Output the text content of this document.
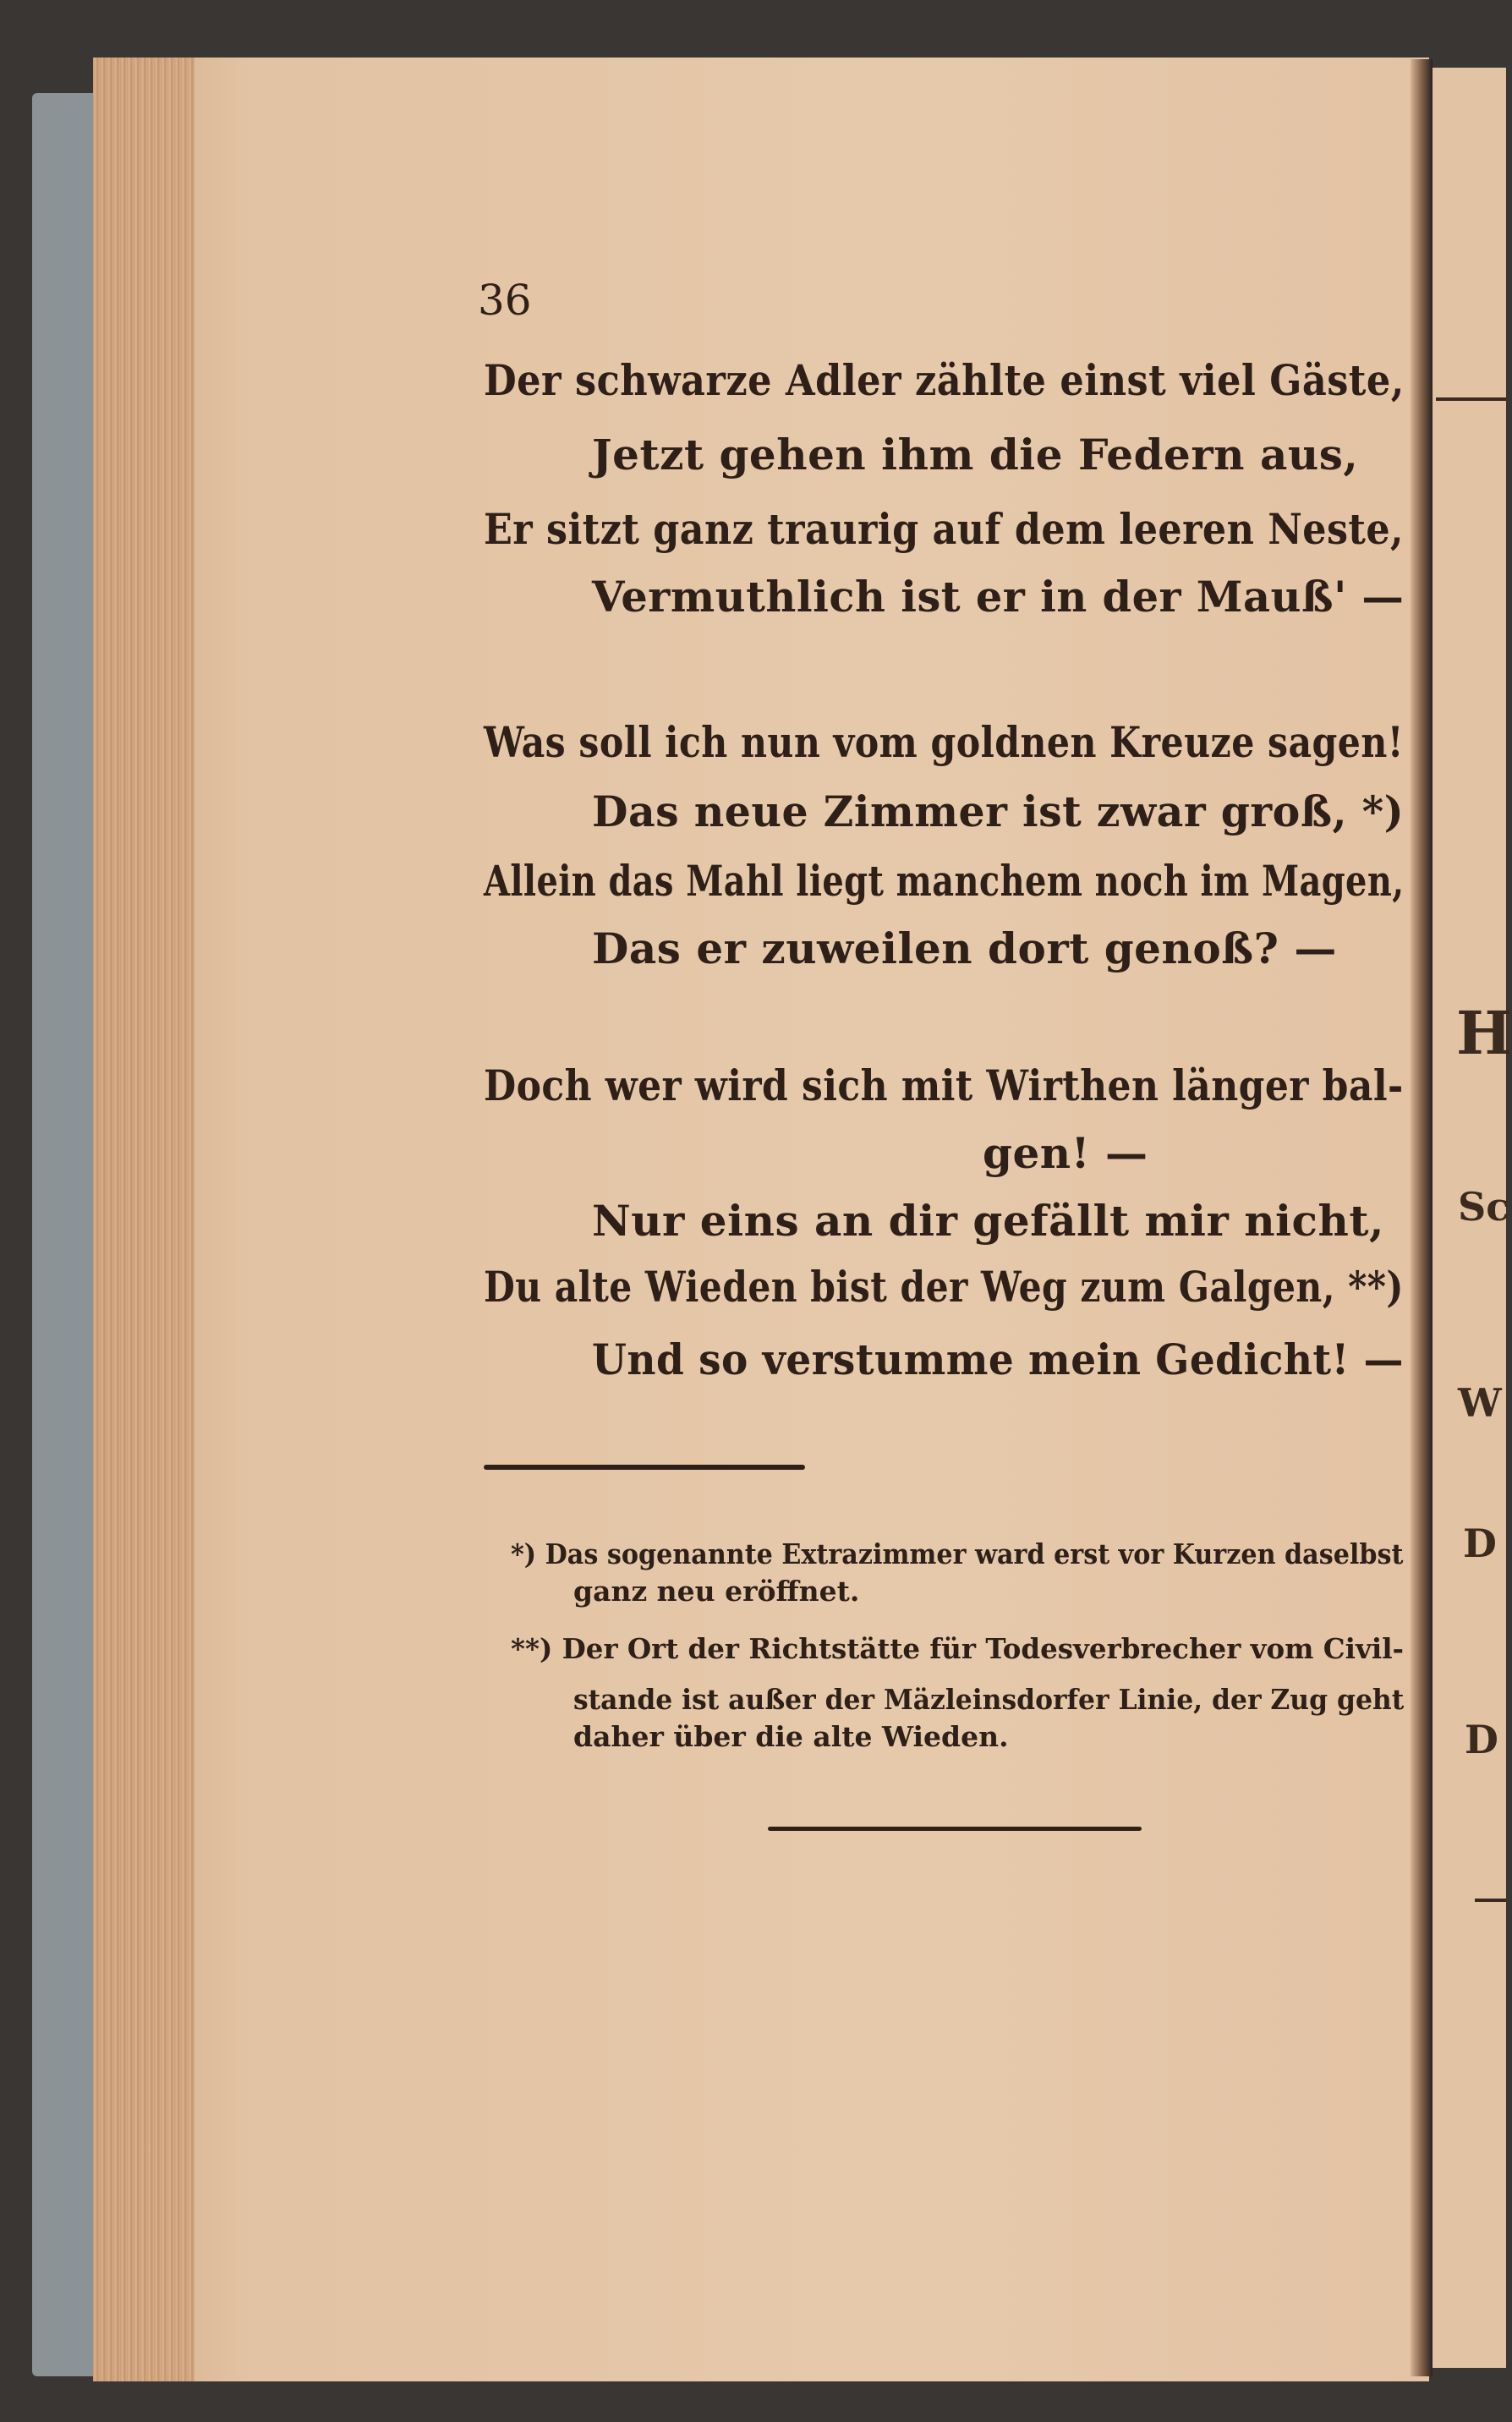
H
Sc
W
D
D
36
Der schwarze Adler zählte einst viel Gäste,
Jetzt gehen ihm die Federn aus,
Er sitzt ganz traurig auf dem leeren Neste,
Vermuthlich ist er in der Mauß' —
Was soll ich nun vom goldnen Kreuze sagen!
Das neue Zimmer ist zwar groß, *)
Allein das Mahl liegt manchem noch im Magen,
Das er zuweilen dort genoß? —
Doch wer wird sich mit Wirthen länger bal-
gen! —
Nur eins an dir gefällt mir nicht,
Du alte Wieden bist der Weg zum Galgen, **)
Und so verstumme mein Gedicht! —
*) Das sogenannte Extrazimmer ward erst vor Kurzen daselbst
ganz neu eröffnet.
**) Der Ort der Richtstätte für Todesverbrecher vom Civil-
stande ist außer der Mäzleinsdorfer Linie, der Zug geht
daher über die alte Wieden.
